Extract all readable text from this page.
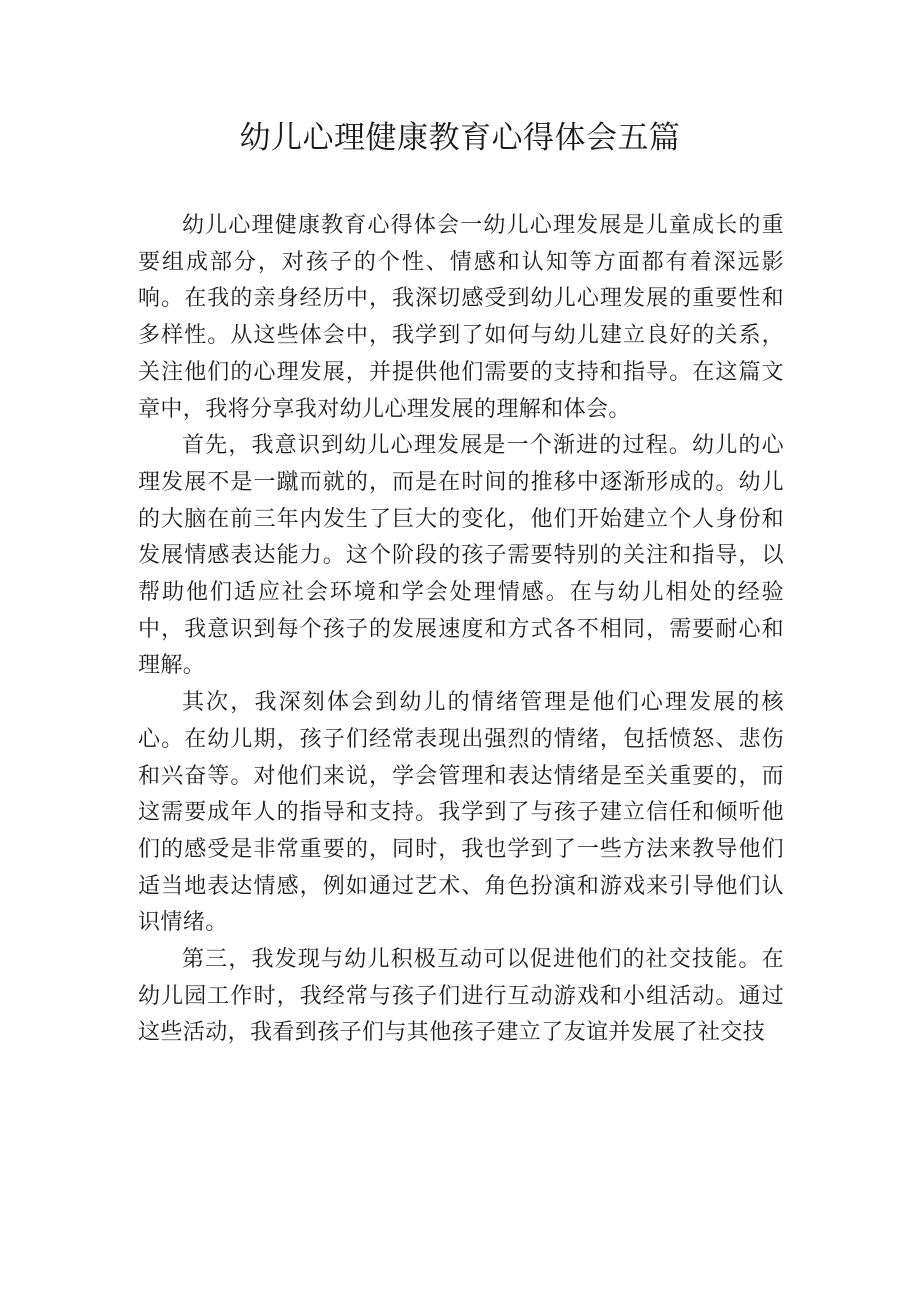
幼儿心理健康教育心得体会五篇

幼儿心理健康教育心得体会一幼儿心理发展是儿童成长的重要组成部分，对孩子的个性、情感和认知等方面都有着深远影响。在我的亲身经历中，我深切感受到幼儿心理发展的重要性和多样性。从这些体会中，我学到了如何与幼儿建立良好的关系，关注他们的心理发展，并提供他们需要的支持和指导。在这篇文章中，我将分享我对幼儿心理发展的理解和体会。

首先，我意识到幼儿心理发展是一个渐进的过程。幼儿的心理发展不是一蹴而就的，而是在时间的推移中逐渐形成的。幼儿的大脑在前三年内发生了巨大的变化，他们开始建立个人身份和发展情感表达能力。这个阶段的孩子需要特别的关注和指导，以帮助他们适应社会环境和学会处理情感。在与幼儿相处的经验中，我意识到每个孩子的发展速度和方式各不相同，需要耐心和理解。

其次，我深刻体会到幼儿的情绪管理是他们心理发展的核心。在幼儿期，孩子们经常表现出强烈的情绪，包括愤怒、悲伤和兴奋等。对他们来说，学会管理和表达情绪是至关重要的，而这需要成年人的指导和支持。我学到了与孩子建立信任和倾听他们的感受是非常重要的，同时，我也学到了一些方法来教导他们适当地表达情感，例如通过艺术、角色扮演和游戏来引导他们认识情绪。

第三，我发现与幼儿积极互动可以促进他们的社交技能。在幼儿园工作时，我经常与孩子们进行互动游戏和小组活动。通过这些活动，我看到孩子们与其他孩子建立了友谊并发展了社交技
